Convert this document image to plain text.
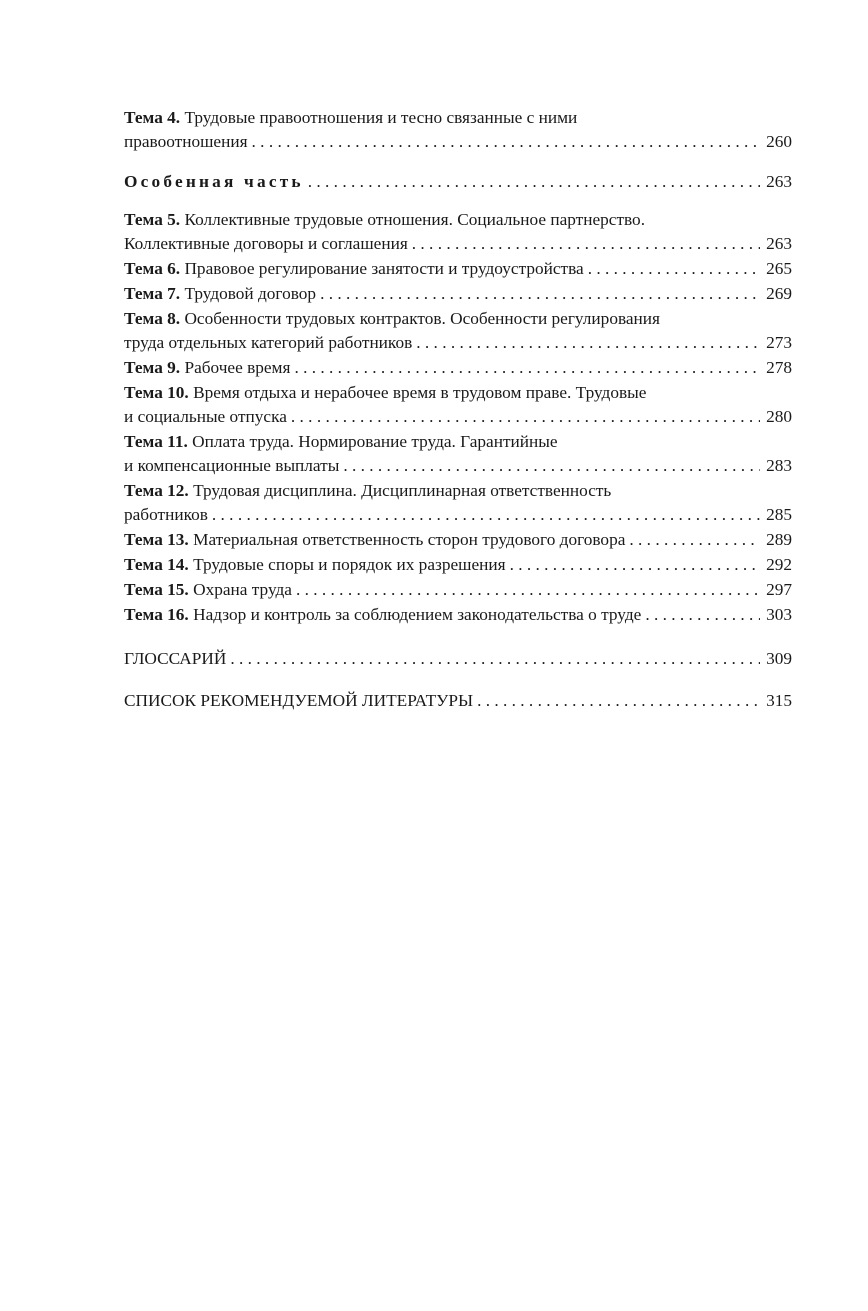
Тема 4. Трудовые правоотношения и тесно связанные с ними
правоотношения . . .	260
Особенная часть . . .	263
Тема 5. Коллективные трудовые отношения. Социальное партнерство.
Коллективные договоры и соглашения . . .	263
Тема 6. Правовое регулирование занятости и трудоустройства . . .	265
Тема 7. Трудовой договор . . .	269
Тема 8. Особенности трудовых контрактов. Особенности регулирования
труда отдельных категорий работников . . .	273
Тема 9. Рабочее время . . .	278
Тема 10. Время отдыха и нерабочее время в трудовом праве. Трудовые
и социальные отпуска . . .	280
Тема 11. Оплата труда. Нормирование труда. Гарантийные
и компенсационные выплаты . . .	283
Тема 12. Трудовая дисциплина. Дисциплинарная ответственность
работников . . .	285
Тема 13. Материальная ответственность сторон трудового договора . . .	289
Тема 14. Трудовые споры и порядок их разрешения . . .	292
Тема 15. Охрана труда . . .	297
Тема 16. Надзор и контроль за соблюдением законодательства о труде . . .	303
ГЛОССАРИЙ . . .	309
СПИСОК РЕКОМЕНДУЕМОЙ ЛИТЕРАТУРЫ . . .	315
